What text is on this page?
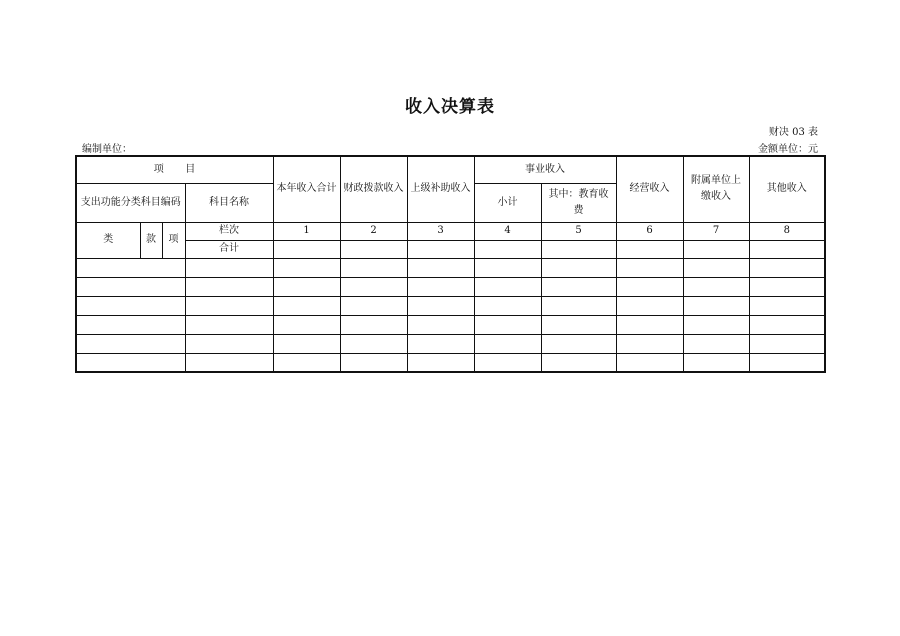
收入决算表
财决 03 表
编制单位：	金额单位：元
项　　目				本年收入合计	财政拨款收入	上级补助收入	事业收入		经营收入	附属单位上缴收入	其他收入
支出功能分类科目编码			科目名称				小计	其中：教育收费			
类	款	项	栏次	1	2	3	4	5	6	7	8
			合计								
